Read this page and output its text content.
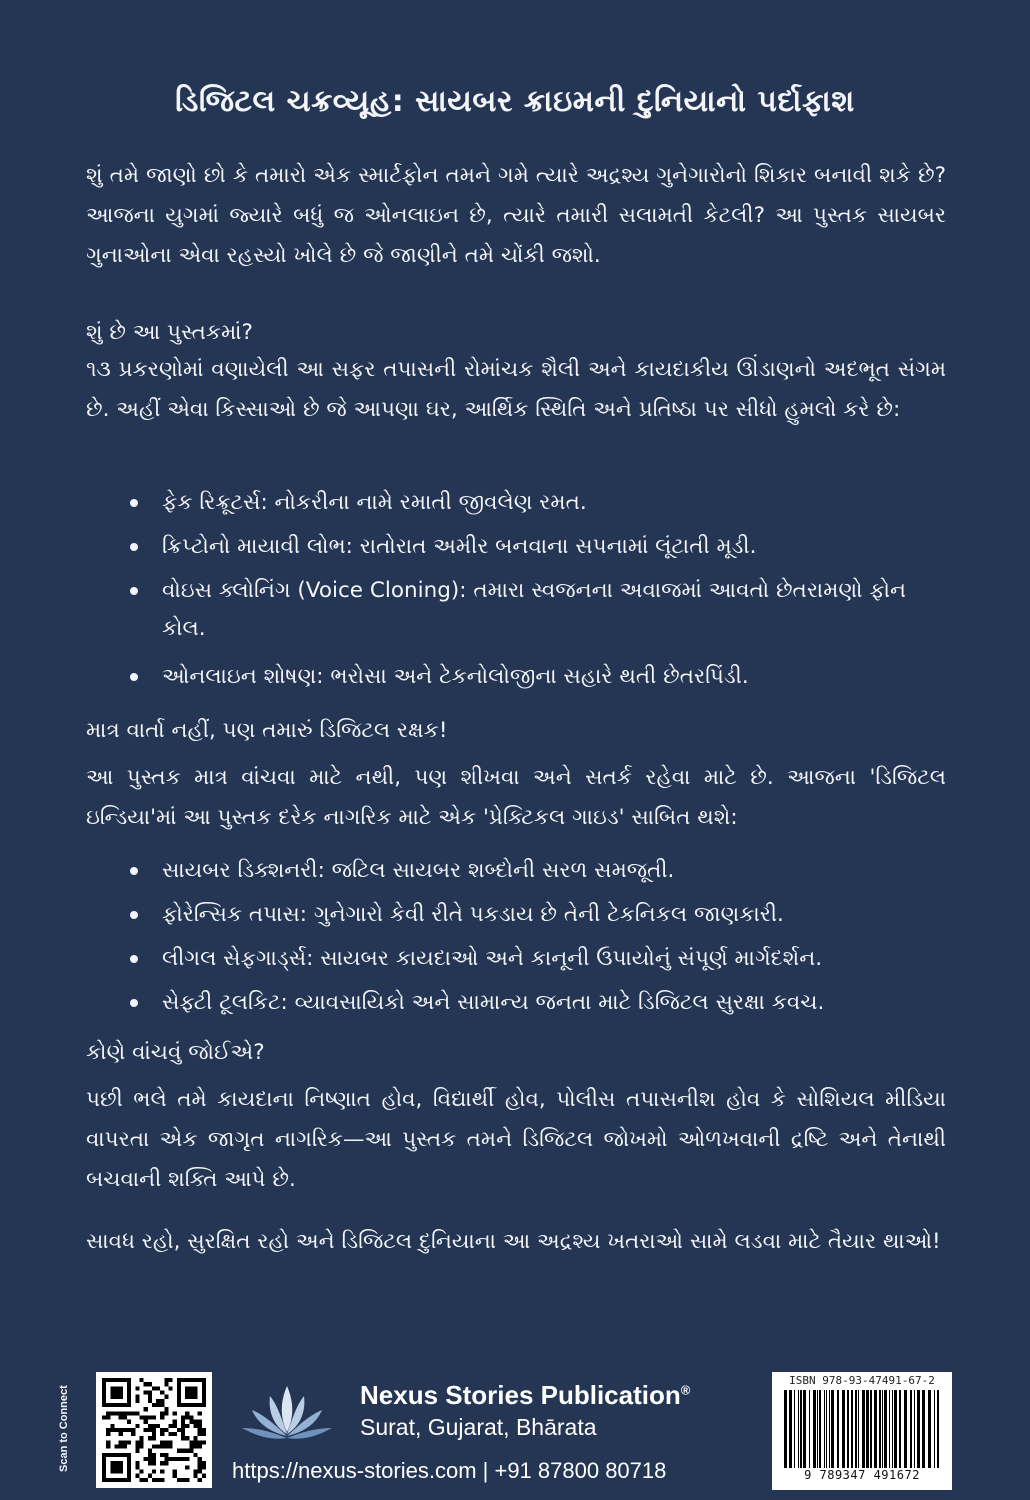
ડિજિટલ ચક્રવ્યૂહ: સાયબર ક્રાઇમની દુનિયાનો પર્દાફાશ
શું તમે જાણો છો કે તમારો એક સ્માર્ટફોન તમને ગમે ત્યારે અદ્રશ્ય ગુનેગારોનો શિકાર બનાવી શકે છે? આજના યુગમાં જ્યારે બધું જ ઓનલાઇન છે, ત્યારે તમારી સલામતી કેટલી? આ પુસ્તક સાયબર ગુનાઓના એવા રહસ્યો ખોલે છે જે જાણીને તમે ચોંકી જશો.
શું છે આ પુસ્તકમાં?
૧૩ પ્રકરણોમાં વણાયેલી આ સફર તપાસની રોમાંચક શૈલી અને કાયદાકીય ઊંડાણનો અદભૂત સંગમ છે. અહીં એવા કિસ્સાઓ છે જે આપણા ઘર, આર્થિક સ્થિતિ અને પ્રતિષ્ઠા પર સીધો હુમલો કરે છે:
ફેક રિક્રૂટર્સ: નોકરીના નામે રમાતી જીવલેણ રમત.
ક્રિપ્ટોનો માયાવી લોભ: રાતોરાત અમીર બનવાના સપનામાં લૂંટાતી મૂડી.
વોઇસ ક્લોનિંગ (Voice Cloning): તમારા સ્વજનના અવાજમાં આવતો છેતરામણો ફોન કોલ.
ઓનલાઇન શોષણ: ભરોસા અને ટેકનોલોજીના સહારે થતી છેતરપિંડી.
માત્ર વાર્તા નહીં, પણ તમારું ડિજિટલ રક્ષક!
આ પુસ્તક માત્ર વાંચવા માટે નથી, પણ શીખવા અને સતર્ક રહેવા માટે છે. આજના 'ડિજિટલ ઇન્ડિયા'માં આ પુસ્તક દરેક નાગરિક માટે એક 'પ્રેક્ટિકલ ગાઇડ' સાબિત થશે:
સાયબર ડિક્શનરી: જટિલ સાયબર શબ્દોની સરળ સમજૂતી.
ફોરેન્સિક તપાસ: ગુનેગારો કેવી રીતે પકડાય છે તેની ટેકનિકલ જાણકારી.
લીગલ સેફગાર્ડ્સ: સાયબર કાયદાઓ અને કાનૂની ઉપાયોનું સંપૂર્ણ માર્ગદર્શન.
સેફ્ટી ટૂલકિટ: વ્યાવસાયિકો અને સામાન્ય જનતા માટે ડિજિટલ સુરક્ષા કવચ.
કોણે વાંચવું જોઈએ?
પછી ભલે તમે કાયદાના નિષ્ણાત હોવ, વિદ્યાર્થી હોવ, પોલીસ તપાસનીશ હોવ કે સોશિયલ મીડિયા વાપરતા એક જાગૃત નાગરિક—આ પુસ્તક તમને ડિજિટલ જોખમો ઓળખવાની દ્રષ્ટિ અને તેનાથી બચવાની શક્તિ આપે છે.
સાવધ રહો, સુરક્ષિત રહો અને ડિજિટલ દુનિયાના આ અદ્રશ્ય ખતરાઓ સામે લડવા માટે તૈયાર થાઓ!
Scan to Connect	Nexus Stories Publication®
Surat, Gujarat, Bhārata
https://nexus-stories.com | +91 87800 80718
ISBN 978-93-47491-67-2
9 789347 491672
